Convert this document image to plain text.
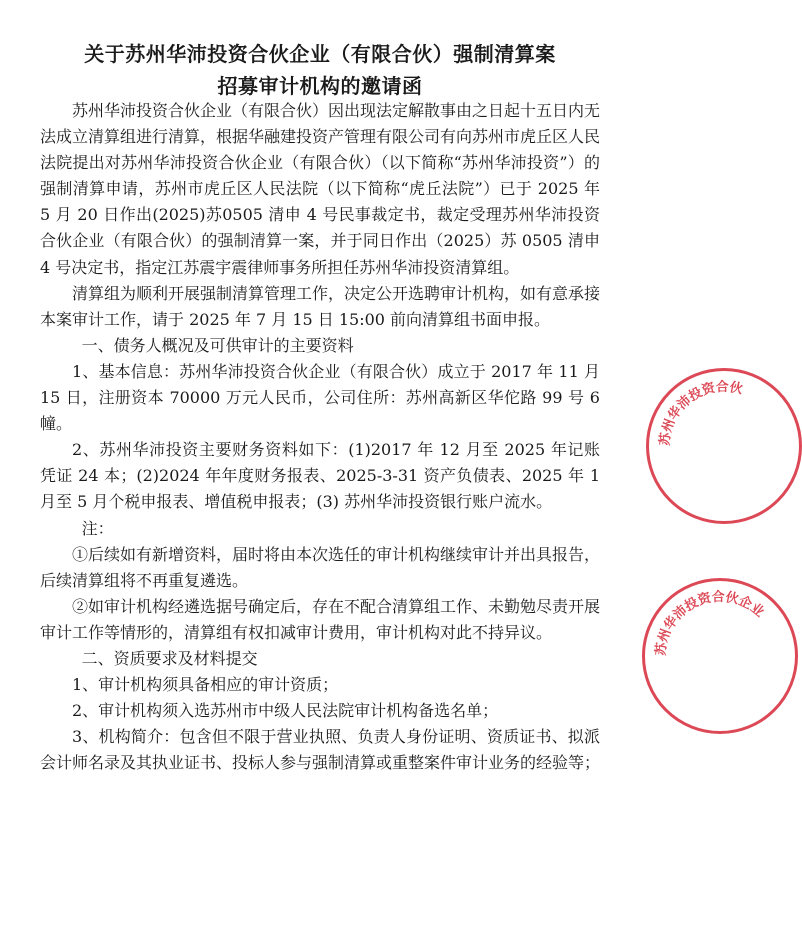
关于苏州华沛投资合伙企业（有限合伙）强制清算案
招募审计机构的邀请函

苏州华沛投资合伙企业（有限合伙）因出现法定解散事由之日起十五日内无法成立清算组进行清算，根据华融建投资产管理有限公司有向苏州市虎丘区人民法院提出对苏州华沛投资合伙企业（有限合伙）（以下简称“苏州华沛投资”）的强制清算申请，苏州市虎丘区人民法院（以下简称“虎丘法院”）已于 2025 年 5 月 20 日作出(2025)苏0505 清申 4 号民事裁定书，裁定受理苏州华沛投资合伙企业（有限合伙）的强制清算一案，并于同日作出（2025）苏 0505 清申 4 号决定书，指定江苏震宇震律师事务所担任苏州华沛投资清算组。

清算组为顺利开展强制清算管理工作，决定公开选聘审计机构，如有意承接本案审计工作，请于 2025 年 7 月 15 日 15:00 前向清算组书面申报。

一、债务人概况及可供审计的主要资料

1、基本信息：苏州华沛投资合伙企业（有限合伙）成立于 2017 年 11 月 15 日，注册资本 70000 万元人民币，公司住所：苏州高新区华佗路 99 号 6 幢。

2、苏州华沛投资主要财务资料如下：(1)2017 年 12 月至 2025 年记账凭证 24 本；(2)2024 年年度财务报表、2025-3-31 资产负债表、2025 年 1 月至 5 月个税申报表、增值税申报表；(3) 苏州华沛投资银行账户流水。

注：

①后续如有新增资料，届时将由本次选任的审计机构继续审计并出具报告，后续清算组将不再重复遴选。

②如审计机构经遴选据号确定后，存在不配合清算组工作、未勤勉尽责开展审计工作等情形的，清算组有权扣减审计费用，审计机构对此不持异议。

二、资质要求及材料提交

1、审计机构须具备相应的审计资质；

2、审计机构须入选苏州市中级人民法院审计机构备选名单；

3、机构简介：包含但不限于营业执照、负责人身份证明、资质证书、拟派会计师名录及其执业证书、投标人参与强制清算或重整案件审计业务的经验等；

苏州华沛投资合伙
苏州华沛投资合伙企业
